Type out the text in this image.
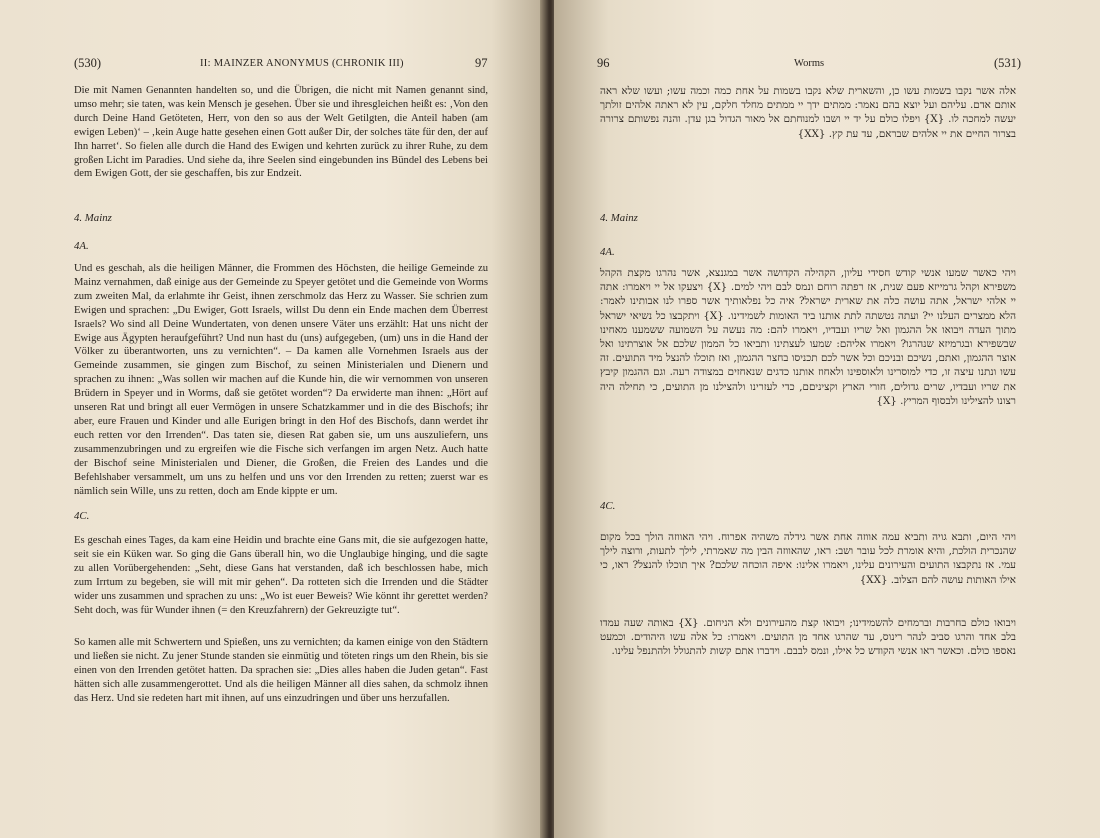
(530)	II: MAINZER ANONYMUS (CHRONIK III)	97
Die mit Namen Genannten handelten so, und die Übrigen, die nicht mit Namen genannt sind, umso mehr; sie taten, was kein Mensch je gesehen. Über sie und ihresgleichen heißt es: ‚Von den durch Deine Hand Getöteten, Herr, von den so aus der Welt Getilgten, die Anteil haben (am ewigen Leben)‘ – ‚kein Auge hatte gesehen einen Gott außer Dir, der solches täte für den, der auf Ihn harret‘. So fielen alle durch die Hand des Ewigen und kehrten zurück zu ihrer Ruhe, zu dem großen Licht im Paradies. Und siehe da, ihre Seelen sind eingebunden ins Bündel des Lebens bei dem Ewigen Gott, der sie geschaffen, bis zur Endzeit.
4. Mainz
4A.
Und es geschah, als die heiligen Männer, die Frommen des Höchsten, die heilige Gemeinde zu Mainz vernahmen, daß einige aus der Gemeinde zu Speyer getötet und die Gemeinde von Worms zum zweiten Mal, da erlahmte ihr Geist, ihnen zerschmolz das Herz zu Wasser. Sie schrien zum Ewigen und sprachen: „Du Ewiger, Gott Israels, willst Du denn ein Ende machen dem Überrest Israels? Wo sind all Deine Wundertaten, von denen unsere Väter uns erzählt: Hat uns nicht der Ewige aus Ägypten heraufgeführt? Und nun hast du (uns) aufgegeben, (um) uns in die Hand der Völker zu überantworten, uns zu vernichten“. – Da kamen alle Vornehmen Israels aus der Gemeinde zusammen, sie gingen zum Bischof, zu seinen Ministerialen und Dienern und sprachen zu ihnen: „Was sollen wir machen auf die Kunde hin, die wir vernommen von unseren Brüdern in Speyer und in Worms, daß sie getötet worden“? Da erwiderte man ihnen: „Hört auf unseren Rat und bringt all euer Vermögen in unsere Schatzkammer und in die des Bischofs; ihr aber, eure Frauen und Kinder und alle Eurigen bringt in den Hof des Bischofs, dann werdet ihr euch retten vor den Irrenden“. Das taten sie, diesen Rat gaben sie, um uns auszuliefern, uns zusammenzubringen und zu ergreifen wie die Fische sich verfangen im argen Netz. Auch hatte der Bischof seine Ministerialen und Diener, die Großen, die Freien des Landes und die Befehlshaber versammelt, um uns zu helfen und uns vor den Irrenden zu retten; zuerst war es nämlich sein Wille, uns zu retten, doch am Ende kippte er um.
4C.
Es geschah eines Tages, da kam eine Heidin und brachte eine Gans mit, die sie aufgezogen hatte, seit sie ein Küken war. So ging die Gans überall hin, wo die Unglaubige hinging, und die sagte zu allen Vorübergehenden: „Seht, diese Gans hat verstanden, daß ich beschlossen habe, mich zum Irrtum zu begeben, sie will mit mir gehen“. Da rotteten sich die Irrenden und die Städter wider uns zusammen und sprachen zu uns: „Wo ist euer Beweis? Wie könnt ihr gerettet werden? Seht doch, was für Wunder ihnen (= den Kreuzfahrern) der Gekreuzigte tut“.
So kamen alle mit Schwertern und Spießen, uns zu vernichten; da kamen einige von den Städtern und ließen sie nicht. Zu jener Stunde standen sie einmütig und töteten rings um den Rhein, bis sie einen von den Irrenden getötet hatten. Da sprachen sie: „Dies alles haben die Juden getan“. Fast hätten sich alle zusammengerottet. Und als die heiligen Männer all dies sahen, da schmolz ihnen das Herz. Und sie redeten hart mit ihnen, auf uns einzudringen und über uns herzufallen.
96	Worms	(531)
אלה אשר נקבו בשמות עשו כן, והשארית שלא נקבו בשמות על אחת כמה וכמה עשו; ועשו שלא ראה אותם אדם. עליהם ועל יוצא בהם נאמר: ממתים ידך יי ממתים מחלד חלקם, עין לא ראתה אלהים זולתך יעשה למחכה לו. {X} ויפלו כולם על יד יי ושבו למנוחתם אל מאור הגדול בגן עדן. והנה נפשותם צרורה בצרור החיים את יי אלהים שבראם, עד עת קץ. {XX}
4. Mainz
4A.
ויהי כאשר שמעו אנשי קודש חסידי עליון, הקהילה הקדושה אשר במגנצא, אשר נהרגו מקצת הקהל משפירא וקהל גרמייזא פעם שנית, אז רפתה רוחם ונמס לבם ויהי למים. {X} ויצעקו אל יי ויאמרו: אתה יי אלהי ישראל, אתה עושה כלה את שארית ישראל? איה כל נפלאותיך אשר ספרו לנו אבותינו לאמר: הלא ממצרים העלנו יי? ועתה נטשתה לתת אותנו ביד האומות לשמידינו. {X} ויתקבצו כל נשיאי ישראל מתוך העדה ויבואו אל ההגמון ואל שריו ועבדיו, ויאמרו להם: מה נעשה על השמועה ששמענו מאחינו שבשפירא ובגרמיזא שנהרגו? ויאמרו אליהם: שמעו לעצתינו ותביאו כל הממון שלכם אל אוצרתינו ואל אוצר ההגמון, ואתם, נשיכם ובניכם וכל אשר לכם תכניסו בחצר ההגמון, ואז תוכלו להנצל מיד התועים. זה עשו ונתנו עיצה זו, כדי למוסרינו ולאוספינו ולאחוז אותנו כדגים שנאחזים במצודה רעה. וגם ההגמון קיבץ את שריו ועבדיו, שרים גדולים, חורי הארץ וקציניםם, כדי לעזרינו ולהצילנו מן התועים, כי תחילה היה רצונו להצילינו ולבסוף המריץ. {X}
4C.
ויהי היום, ותבא גויה ותביא עמה אווזה אחת אשר גידלה משהיה אפרוח. ויהי האווזה הולך בכל מקום שהנכרית הולכת, והיא אומרת לכל עובר ושב: ראו, שהאווזה הבין מה שאמרתי, לילך לתעות, ורוצה לילך עמי. אז נתקבצו התועים והעירונים עלינו, ויאמרו אלינו: איפה הוכחה שלכם? איך תוכלו להנצל? ראו, כי אילו האותות עושה להם הצלוב. {XX}
ויבואו כולם בחרבות וברמחים להשמידינו; ויבואו קצת מהעירונים ולא הניחום. {X} באותה שעה עמדו בלב אחד והרגו סביב לנהר רינוס, עד שהרגו אחד מן התועים. ויאמרו: כל אלה עשו היהודים. וכמעט נאספו כולם. וכאשר ראו אנשי הקודש כל אילו, ונמס לבבם. וידברו אתם קשות להתגולל ולהתנפל עלינו.
